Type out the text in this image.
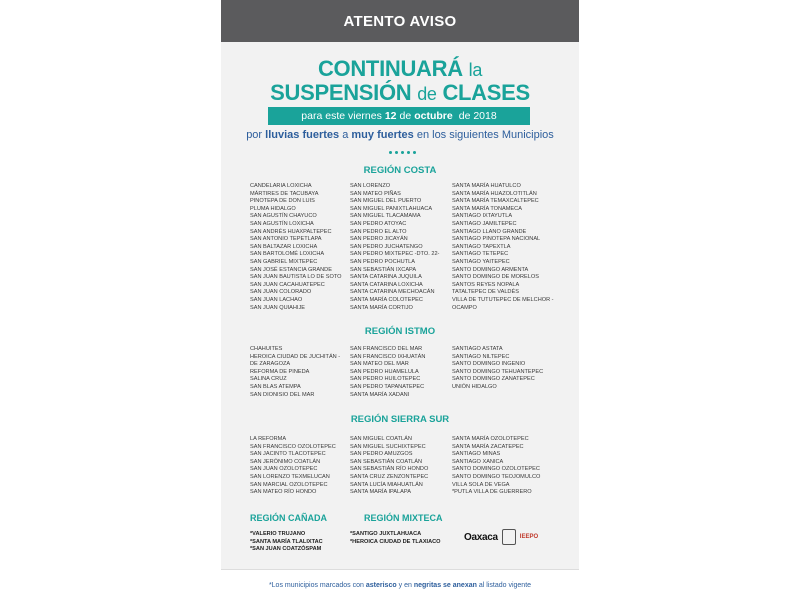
ATENTO AVISO
CONTINUARÁ la
SUSPENSIÓN de CLASES
para este viernes 12 de octubre de 2018
por lluvias fuertes a muy fuertes en los siguientes Municipios
REGIÓN COSTA
CANDELARIA LOXICHA
MÁRTIRES DE TACUBAYA
PINOTEPA DE DON LUIS
PLUMA HIDALGO
SAN AGUSTÍN CHAYUCO
SAN AGUSTÍN LOXICHA
SAN ANDRÉS HUAXPALTEPEC
SAN ANTONIO TEPETLAPA
SAN BALTAZAR LOXICHA
SAN BARTOLOMÉ LOXICHA
SAN GABRIEL MIXTEPEC
SAN JOSÉ ESTANCIA GRANDE
SAN JUAN BAUTISTA LO DE SOTO
SAN JUAN CACAHUATEPEC
SAN JUAN COLORADO
SAN JUAN LACHAO
SAN JUAN QUIAHIJE
SAN LORENZO
SAN MATEO PIÑAS
SAN MIGUEL DEL PUERTO
SAN MIGUEL PANIXTLAHUACA
SAN MIGUEL TLACAMAMA
SAN PEDRO ATOYAC
SAN PEDRO EL ALTO
SAN PEDRO JICAYÁN
SAN PEDRO JUCHATENGO
SAN PEDRO MIXTEPEC -DTO. 22-
SAN PEDRO POCHUTLA
SAN SEBASTIÁN IXCAPA
SANTA CATARINA JUQUILA
SANTA CATARINA LOXICHA
SANTA CATARINA MECHOACÁN
SANTA MARÍA COLOTEPEC
SANTA MARÍA CORTIJO
SANTA MARÍA HUATULCO
SANTA MARÍA HUAZOLOTITLÁN
SANTA MARÍA TEMAXCALTEPEC
SANTA MARÍA TONAMECA
SANTIAGO IXTAYUTLA
SANTIAGO JAMILTEPEC
SANTIAGO LLANO GRANDE
SANTIAGO PINOTEPA NACIONAL
SANTIAGO TAPEXTLA
SANTIAGO TETEPEC
SANTIAGO YAITEPEC
SANTO DOMINGO ARMENTA
SANTO DOMINGO DE MORELOS
SANTOS REYES NOPALA
TATALTEPEC DE VALDÉS
VILLA DE TUTUTEPEC DE MELCHOR -
OCAMPO
REGIÓN ISTMO
CHAHUITES
HEROICA CIUDAD DE JUCHITÁN -
DE ZARAGOZA
REFORMA DE PINEDA
SALINA CRUZ
SAN BLAS ATEMPA
SAN DIONISIO DEL MAR
SAN FRANCISCO DEL MAR
SAN FRANCISCO IXHUATÁN
SAN MATEO DEL MAR
SAN PEDRO HUAMELULA
SAN PEDRO HUILOTEPEC
SAN PEDRO TAPANATEPEC
SANTA MARÍA XADANI
SANTIAGO ASTATA
SANTIAGO NILTEPEC
SANTO DOMINGO INGENIO
SANTO DOMINGO TEHUANTEPEC
SANTO DOMINGO ZANATEPEC
UNIÓN HIDALGO
REGIÓN SIERRA SUR
LA REFORMA
SAN FRANCISCO OZOLOTEPEC
SAN JACINTO TLACOTEPEC
SAN JERÓNIMO COATLÁN
SAN JUAN OZOLOTEPEC
SAN LORENZO TEXMELUCAN
SAN MARCIAL OZOLOTEPEC
SAN MATEO RÍO HONDO
SAN MIGUEL COATLÁN
SAN MIGUEL SUCHIXTEPEC
SAN PEDRO AMUZGOS
SAN SEBASTIÁN COATLÁN
SAN SEBASTIÁN RÍO HONDO
SANTA CRUZ ZENZONTEPEC
SANTA LUCÍA MIAHUATLÁN
SANTA MARÍA IPALAPA
SANTA MARÍA OZOLOTEPEC
SANTA MARÍA ZACATEPEC
SANTIAGO MINAS
SANTIAGO XANICA
SANTO DOMINGO OZOLOTEPEC
SANTO DOMINGO TEOJOMULCO
VILLA SOLA DE VEGA
*PUTLA VILLA DE GUERRERO
REGIÓN CAÑADA
*VALERIO TRUJANO
*SANTA MARÍA TLALIXTAC
*SAN JUAN COATZÓSPAM
REGIÓN MIXTECA
*SANTIGO JUXTLAHUACA
*HEROICA CIUDAD DE TLAXIACO Oaxaca	IEEPO
*Los municipios marcados con asterisco y en negritas se anexan al listado vigente
